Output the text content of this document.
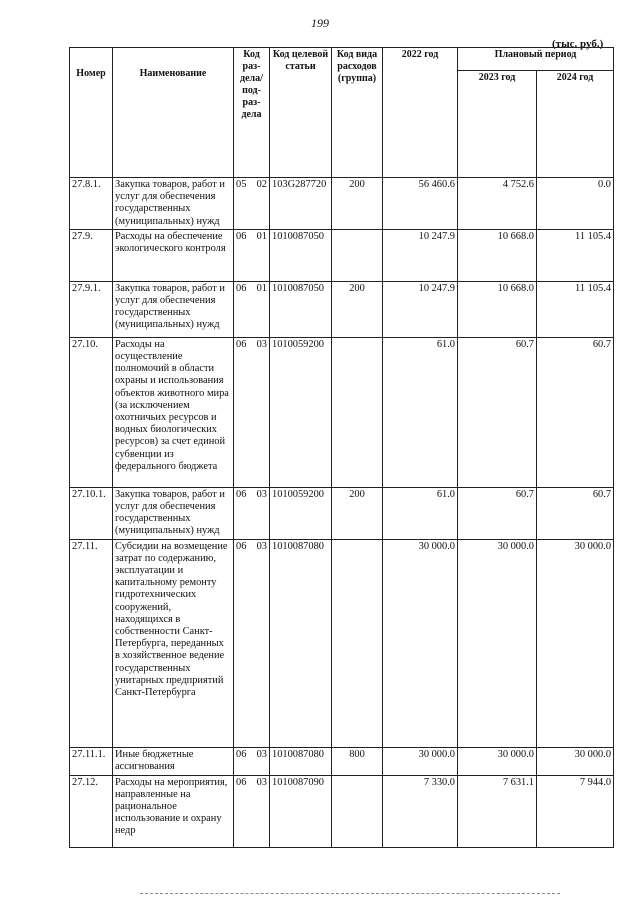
199
(тыс. руб.)
Номер	Наименование	Код раз-дела/ под-раз-дела	Код целевой статьи	Код вида расходов (группа)	2022 год	Плановый период	
						2023 год	2024 год
27.8.1.	Закупка товаров, работ и услуг для обеспечения государственных (муниципальных) нужд	05 02	103G287720	200	56 460.6	4 752.6	0.0
27.9.	Расходы на обеспечение экологического контроля	06 01	1010087050		10 247.9	10 668.0	11 105.4
27.9.1.	Закупка товаров, работ и услуг для обеспечения государственных (муниципальных) нужд	06 01	1010087050	200	10 247.9	10 668.0	11 105.4
27.10.	Расходы на осуществление полномочий в области охраны и использования объектов животного мира (за исключением охотничьих ресурсов и водных биологических ресурсов) за счет единой субвенции из федерального бюджета	06 03	1010059200		61.0	60.7	60.7
27.10.1.	Закупка товаров, работ и услуг для обеспечения государственных (муниципальных) нужд	06 03	1010059200	200	61.0	60.7	60.7
27.11.	Субсидии на возмещение затрат по содержанию, эксплуатации и капитальному ремонту гидротехнических сооружений, находящихся в собственности Санкт-Петербурга, переданных в хозяйственное ведение государственных унитарных предприятий Санкт-Петербурга	06 03	1010087080		30 000.0	30 000.0	30 000.0
27.11.1.	Иные бюджетные ассигнования	06 03	1010087080	800	30 000.0	30 000.0	30 000.0
27.12.	Расходы на мероприятия, направленные на рациональное использование и охрану недр	06 03	1010087090		7 330.0	7 631.1	7 944.0
